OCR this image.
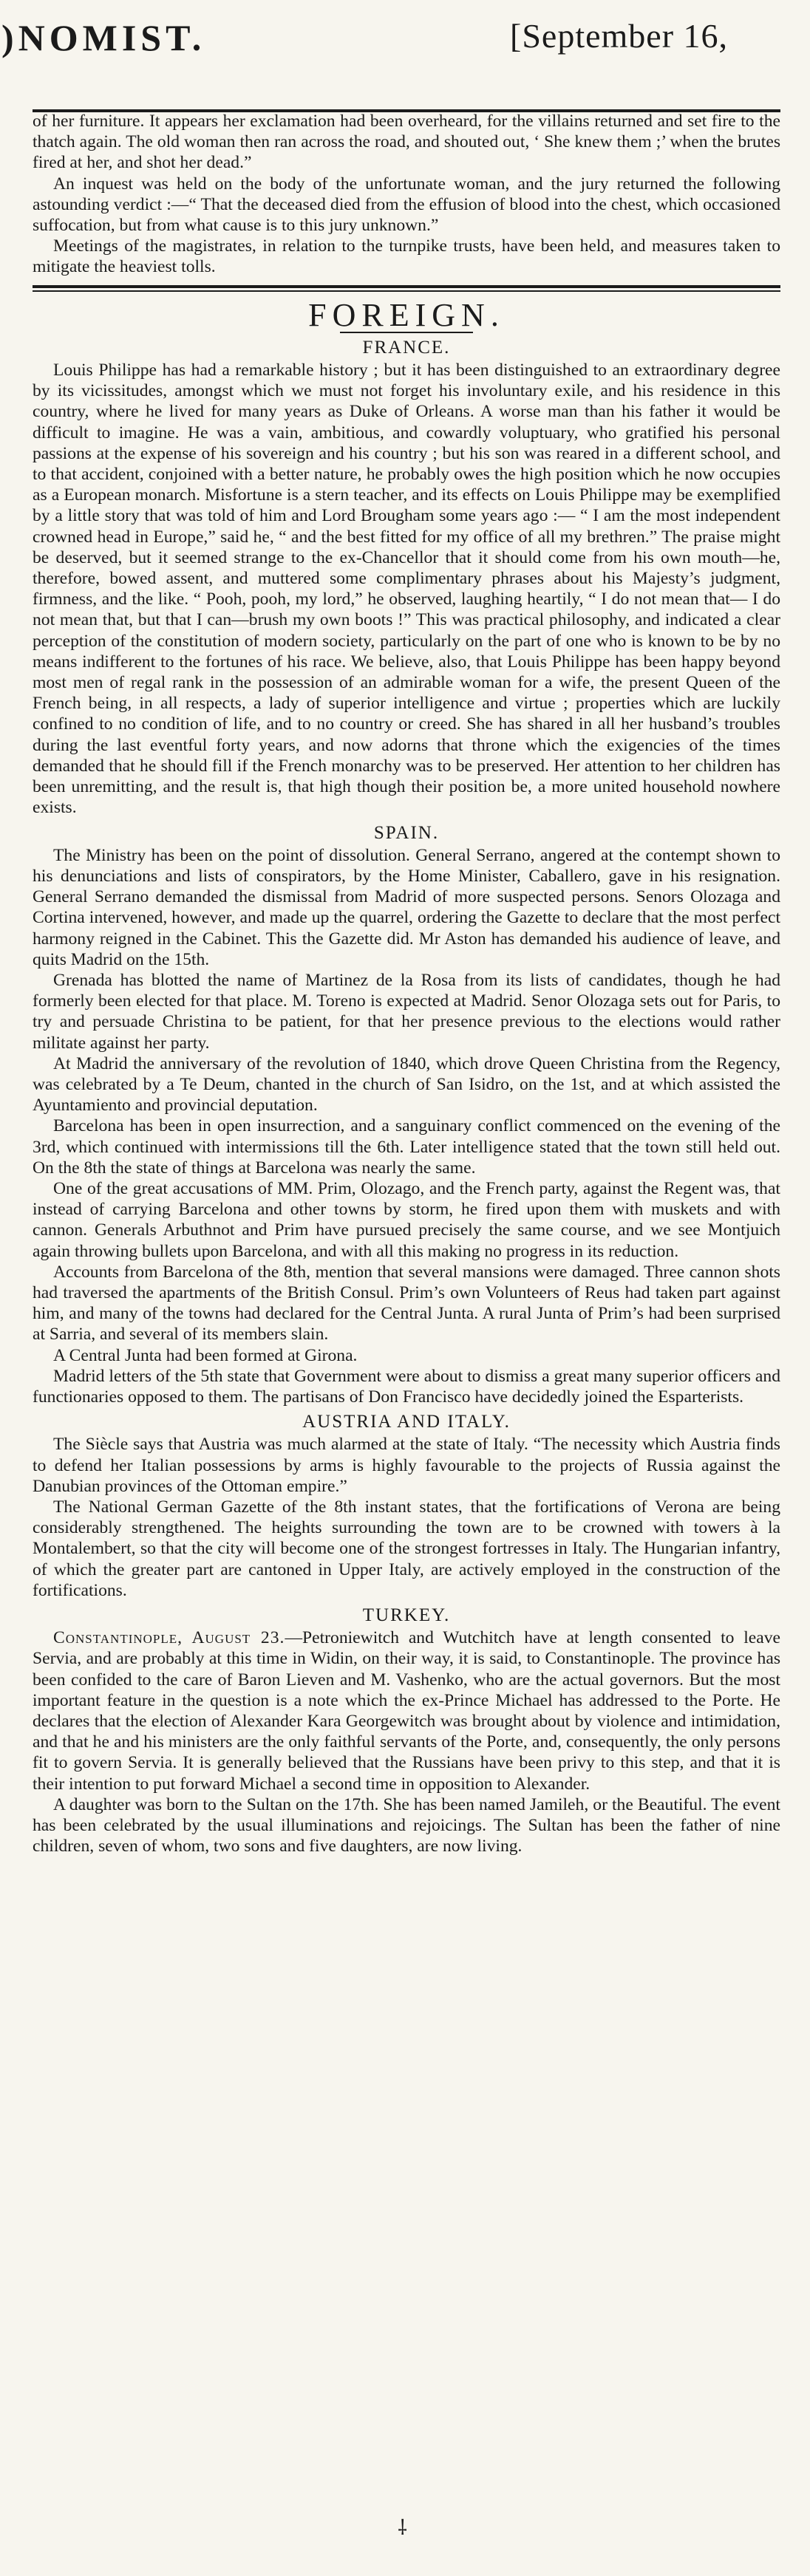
)NOMIST.	[September 16,

of her furniture. It appears her exclamation had been overheard, for the villains returned and set fire to the thatch again. The old woman then ran across the road, and shouted out, ‘ She knew them ;’ when the brutes fired at her, and shot her dead.”

An inquest was held on the body of the unfortunate woman, and the jury returned the following astounding verdict :—“ That the deceased died from the effusion of blood into the chest, which occasioned suffocation, but from what cause is to this jury unknown.”

Meetings of the magistrates, in relation to the turnpike trusts, have been held, and measures taken to mitigate the heaviest tolls.

FOREIGN.
FRANCE.

Louis Philippe has had a remarkable history ; but it has been distinguished to an extraordinary degree by its vicissitudes, amongst which we must not forget his involuntary exile, and his residence in this country, where he lived for many years as Duke of Orleans. A worse man than his father it would be difficult to imagine. He was a vain, ambitious, and cowardly voluptuary, who gratified his personal passions at the expense of his sovereign and his country ; but his son was reared in a different school, and to that accident, conjoined with a better nature, he probably owes the high position which he now occupies as a European monarch. Misfortune is a stern teacher, and its effects on Louis Philippe may be exemplified by a little story that was told of him and Lord Brougham some years ago :— “ I am the most independent crowned head in Europe,” said he, “ and the best fitted for my office of all my brethren.” The praise might be deserved, but it seemed strange to the ex-Chancellor that it should come from his own mouth—he, therefore, bowed assent, and muttered some complimentary phrases about his Majesty’s judgment, firmness, and the like. “ Pooh, pooh, my lord,” he observed, laughing heartily, “ I do not mean that— I do not mean that, but that I can—brush my own boots !” This was practical philosophy, and indicated a clear perception of the constitution of modern society, particularly on the part of one who is known to be by no means indifferent to the fortunes of his race. We believe, also, that Louis Philippe has been happy beyond most men of regal rank in the possession of an admirable woman for a wife, the present Queen of the French being, in all respects, a lady of superior intelligence and virtue ; properties which are luckily confined to no condition of life, and to no country or creed. She has shared in all her husband’s troubles during the last eventful forty years, and now adorns that throne which the exigencies of the times demanded that he should fill if the French monarchy was to be preserved. Her attention to her children has been unremitting, and the result is, that high though their position be, a more united household nowhere exists.

SPAIN.

The Ministry has been on the point of dissolution. General Serrano, angered at the contempt shown to his denunciations and lists of conspirators, by the Home Minister, Caballero, gave in his resignation. General Serrano demanded the dismissal from Madrid of more suspected persons. Senors Olozaga and Cortina intervened, however, and made up the quarrel, ordering the Gazette to declare that the most perfect harmony reigned in the Cabinet. This the Gazette did. Mr Aston has demanded his audience of leave, and quits Madrid on the 15th.

Grenada has blotted the name of Martinez de la Rosa from its lists of candidates, though he had formerly been elected for that place. M. Toreno is expected at Madrid. Senor Olozaga sets out for Paris, to try and persuade Christina to be patient, for that her presence previous to the elections would rather militate against her party.

At Madrid the anniversary of the revolution of 1840, which drove Queen Christina from the Regency, was celebrated by a Te Deum, chanted in the church of San Isidro, on the 1st, and at which assisted the Ayuntamiento and provincial deputation.

Barcelona has been in open insurrection, and a sanguinary conflict commenced on the evening of the 3rd, which continued with intermissions till the 6th. Later intelligence stated that the town still held out. On the 8th the state of things at Barcelona was nearly the same.

One of the great accusations of MM. Prim, Olozago, and the French party, against the Regent was, that instead of carrying Barcelona and other towns by storm, he fired upon them with muskets and with cannon. Generals Arbuthnot and Prim have pursued precisely the same course, and we see Montjuich again throwing bullets upon Barcelona, and with all this making no progress in its reduction.

Accounts from Barcelona of the 8th, mention that several mansions were damaged. Three cannon shots had traversed the apartments of the British Consul. Prim’s own Volunteers of Reus had taken part against him, and many of the towns had declared for the Central Junta. A rural Junta of Prim’s had been surprised at Sarria, and several of its members slain.

A Central Junta had been formed at Girona.

Madrid letters of the 5th state that Government were about to dismiss a great many superior officers and functionaries opposed to them. The partisans of Don Francisco have decidedly joined the Esparterists.

AUSTRIA AND ITALY.

The Siècle says that Austria was much alarmed at the state of Italy. “The necessity which Austria finds to defend her Italian possessions by arms is highly favourable to the projects of Russia against the Danubian provinces of the Ottoman empire.”

The National German Gazette of the 8th instant states, that the fortifications of Verona are being considerably strengthened. The heights surrounding the town are to be crowned with towers à la Montalembert, so that the city will become one of the strongest fortresses in Italy. The Hungarian infantry, of which the greater part are cantoned in Upper Italy, are actively employed in the construction of the fortifications.

TURKEY.

Constantinople, August 23.—Petroniewitch and Wutchitch have at length consented to leave Servia, and are probably at this time in Widin, on their way, it is said, to Constantinople. The province has been confided to the care of Baron Lieven and M. Vashenko, who are the actual governors. But the most important feature in the question is a note which the ex-Prince Michael has addressed to the Porte. He declares that the election of Alexander Kara Georgewitch was brought about by violence and intimidation, and that he and his ministers are the only faithful servants of the Porte, and, consequently, the only persons fit to govern Servia. It is generally believed that the Russians have been privy to this step, and that it is their intention to put forward Michael a second time in opposition to Alexander.

A daughter was born to the Sultan on the 17th. She has been named Jamileh, or the Beautiful. The event has been celebrated by the usual illuminations and rejoicings. The Sultan has been the father of nine children, seven of whom, two sons and five daughters, are now living.

⸸
